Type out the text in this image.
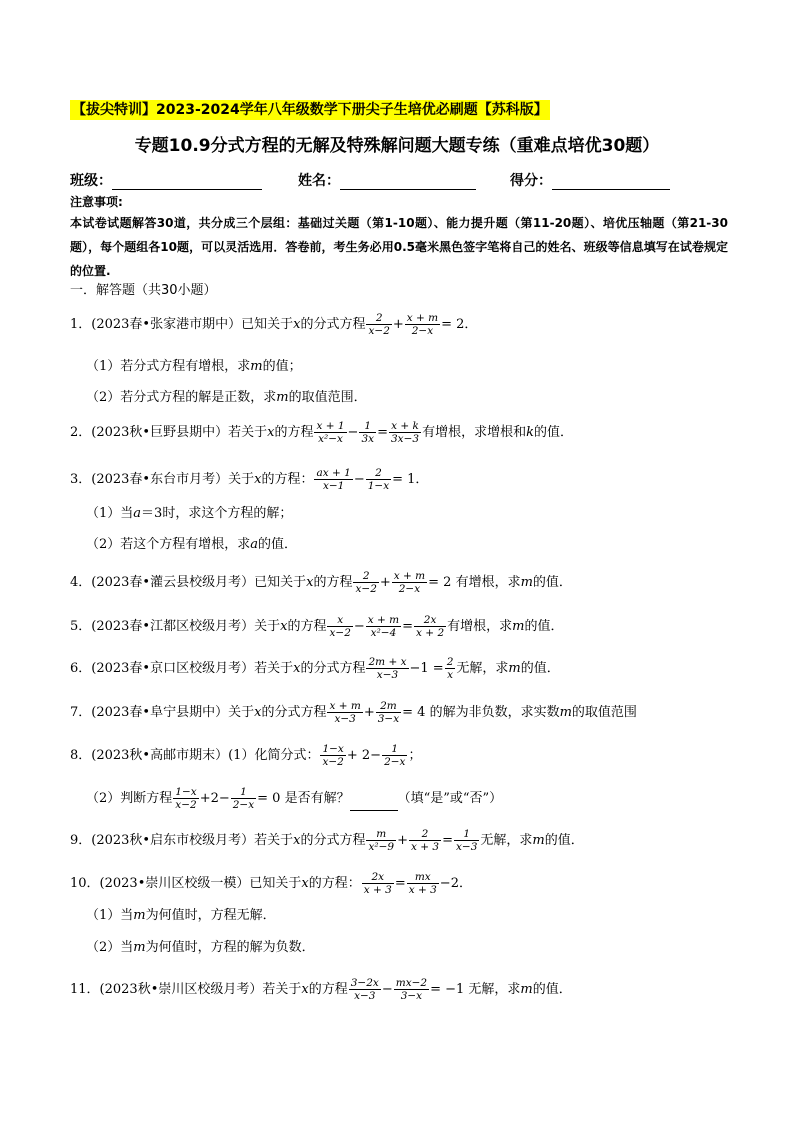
【拔尖特训】2023-2024学年八年级数学下册尖子生培优必刷题【苏科版】
专题10.9分式方程的无解及特殊解问题大题专练（重难点培优30题）
班级：	姓名：	得分：
注意事项:
本试卷试题解答30道，共分成三个层组：基础过关题（第1-10题）、能力提升题（第11-20题）、培优压轴题（第21-30题），每个题组各10题，可以灵活选用．答卷前，考生务必用0.5毫米黑色签字笔将自己的姓名、班级等信息填写在试卷规定的位置.
一．解答题（共30小题）
1．(2023春•张家港市期中）已知关于x的分式方程 $\frac{2}{x-2} + \frac{x + m}{2-x} = 2$．
（1）若分式方程有增根，求m的值；
（2）若分式方程的解是正数，求m的取值范围．
2．(2023秋•巨野县期中）若关于x的方程 $\frac{x + 1}{\text{x²−x}} - \frac{1}{3x} = \frac{x + k}{3x-3}$ 有增根，求增根和k的值．
3．(2023春•东台市月考）关于x的方程： $\frac{ax + 1}{x-1} - \frac{2}{1-x} = 1$．
（1）当a＝3时，求这个方程的解；
（2）若这个方程有增根，求a的值．
4．(2023春•灌云县校级月考）已知关于x的方程 $\frac{2}{x-2} + \frac{x + m}{2-x} = 2$ 有增根，求m的值．
5．(2023春•江都区校级月考）关于x的方程 $\frac{x}{x-2} - \frac{x + m}{\text{x²−4}} = \frac{2x}{x + 2}$ 有增根，求m的值．
6．(2023春•京口区校级月考）若关于x的分式方程 $\frac{2m + x}{x-3} -1 = \frac{2}{x}$ 无解，求m的值．
7．(2023春•阜宁县期中）关于x的分式方程 $\frac{x + m}{x-3} + \frac{2m}{3-x} = 4$ 的解为非负数，求实数m的取值范围
8．(2023秋•高邮市期末）(1）化简分式： $\frac{1-x}{x-2} + 2- \frac{1}{2-x}$ ；
（2）判断方程 $\frac{1-x}{x-2} +2- \frac{1}{2-x} = 0$ 是否有解？	（填“是”或“否”）
9．(2023秋•启东市校级月考）若关于x的分式方程 $\frac{m}{\text{x²−9}} + \frac{2}{x + 3} = \frac{1}{x-3}$ 无解，求m的值．
10．(2023•崇川区校级一模）已知关于x的方程： $\frac{2x}{x + 3} = \frac{mx}{x + 3} -2$．
（1）当m为何值时，方程无解．
（2）当m为何值时，方程的解为负数．
11．(2023秋•崇川区校级月考）若关于x的方程 $\frac{3-2x}{x-3} - \frac{mx-2}{3-x} = -1$ 无解，求m的值．
